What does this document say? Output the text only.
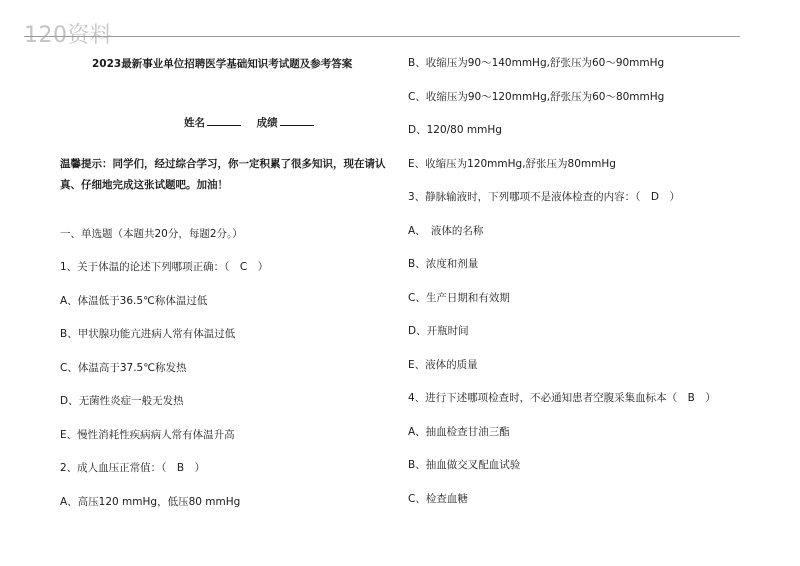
120资料
2023最新事业单位招聘医学基础知识考试题及参考答案
姓名	成绩
温馨提示：同学们，经过综合学习，你一定积累了很多知识，现在请认真、仔细地完成这张试题吧。加油！
一、单选题（本题共20分，每题2分。）
1、关于体温的论述下列哪项正确：（　C　）
A、体温低于36.5℃称体温过低
B、甲状腺功能亢进病人常有体温过低
C、体温高于37.5℃称发热
D、无菌性炎症一般无发热
E、慢性消耗性疾病病人常有体温升高
2、成人血压正常值：（　B　）
A、高压120 mmHg，低压80 mmHg
B、收缩压为90～140mmHg,舒张压为60～90mmHg
C、收缩压为90～120mmHg,舒张压为60～80mmHg
D、120/80 mmHg
E、收缩压为120mmHg,舒张压为80mmHg
3、静脉输液时，下列哪项不是液体检查的内容：（　D　）
A、　液体的名称
B、浓度和剂量
C、生产日期和有效期
D、开瓶时间
E、液体的质量
4、进行下述哪项检查时，不必通知患者空腹采集血标本（　B　）
A、抽血检查甘油三酯
B、抽血做交叉配血试验
C、检查血糖
